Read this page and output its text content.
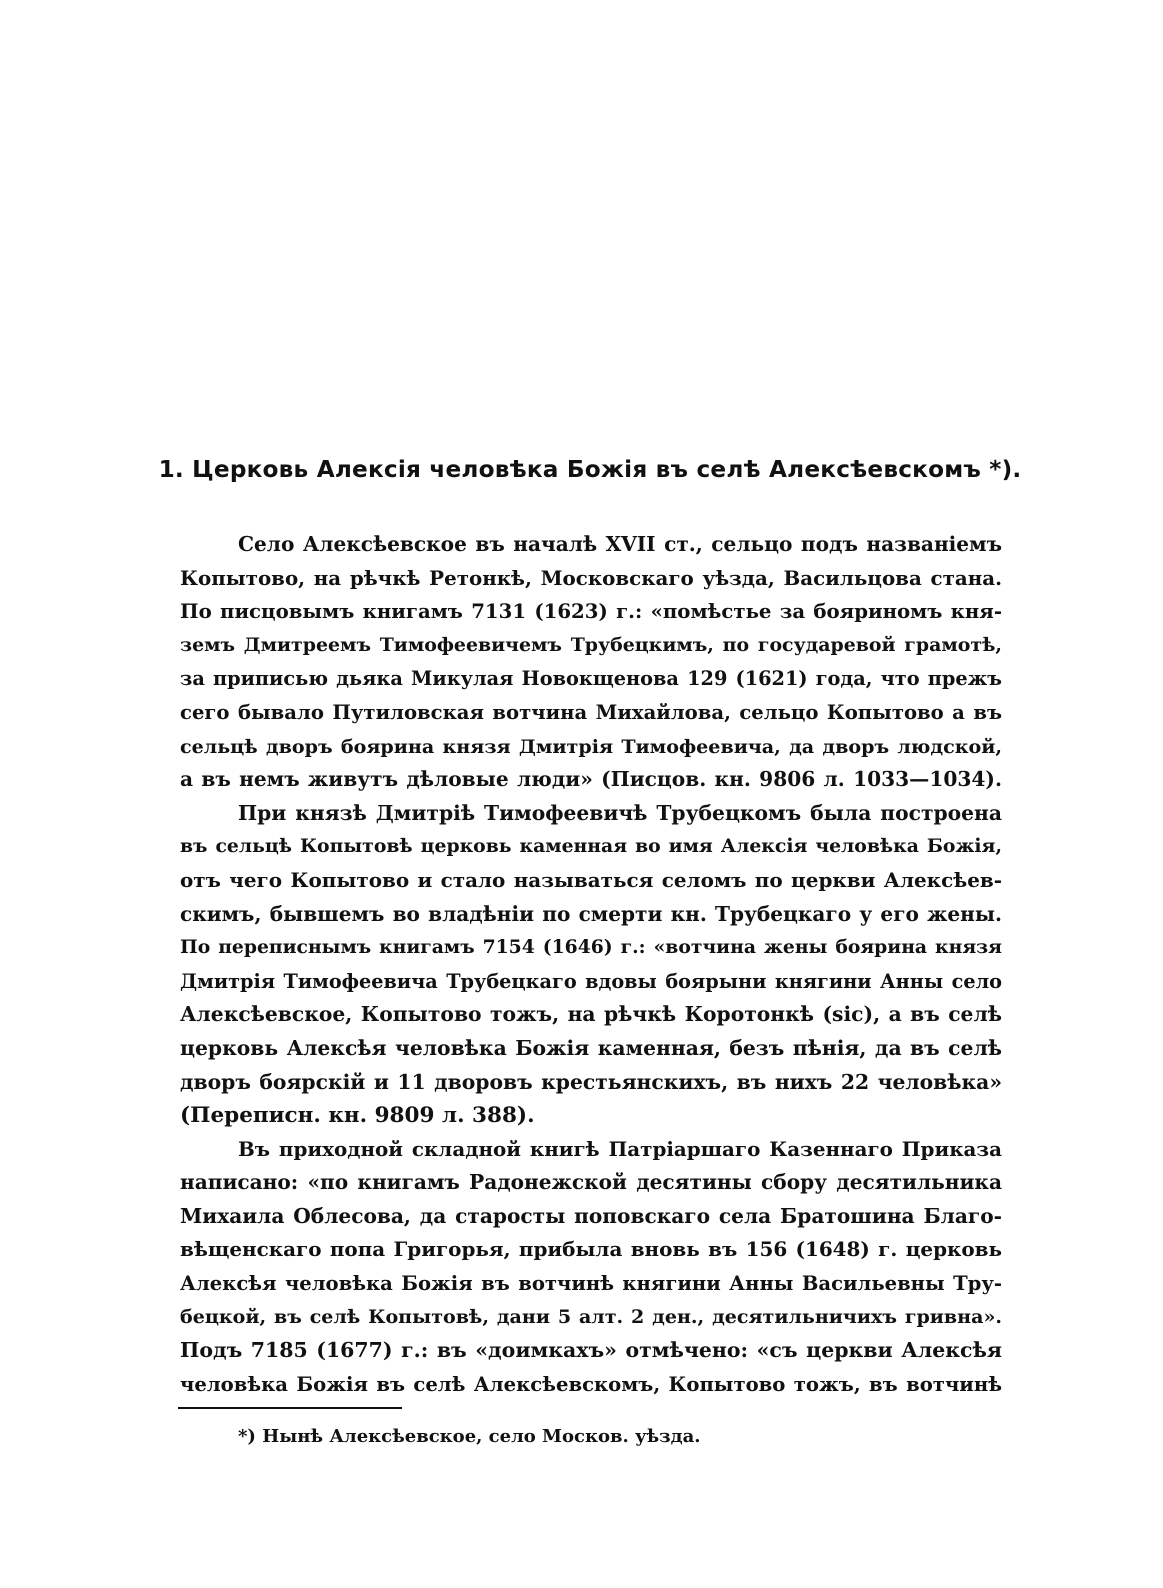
1. Церковь Алексія человѣка Божія въ селѣ Алексѣевскомъ *).
Село Алексѣевское въ началѣ XVII ст., сельцо подъ названіемъ
Копытово, на рѣчкѣ Ретонкѣ, Московскаго уѣзда, Васильцова стана.
По писцовымъ книгамъ 7131 (1623) г.: «помѣстье за бояриномъ кня-
земъ Дмитреемъ Тимофеевичемъ Трубецкимъ, по государевой грамотѣ,
за приписью дьяка Микулая Новокщенова 129 (1621) года, что прежъ
сего бывало Путиловская вотчина Михайлова, сельцо Копытово а въ
сельцѣ дворъ боярина князя Дмитрія Тимофеевича, да дворъ людской,
а въ немъ живутъ дѣловые люди» (Писцов. кн. 9806 л. 1033—1034).
При князѣ Дмитріѣ Тимофеевичѣ Трубецкомъ была построена
въ сельцѣ Копытовѣ церковь каменная во имя Алексія человѣка Божія,
отъ чего Копытово и стало называться селомъ по церкви Алексѣев-
скимъ, бывшемъ во владѣніи по смерти кн. Трубецкаго у его жены.
По переписнымъ книгамъ 7154 (1646) г.: «вотчина жены боярина князя
Дмитрія Тимофеевича Трубецкаго вдовы боярыни княгини Анны село
Алексѣевское, Копытово тожъ, на рѣчкѣ Коротонкѣ (sic), а въ селѣ
церковь Алексѣя человѣка Божія каменная, безъ пѣнія, да въ селѣ
дворъ боярскій и 11 дворовъ крестьянскихъ, въ нихъ 22 человѣка»
(Переписн. кн. 9809 л. 388).
Въ приходной складной книгѣ Патріаршаго Казеннаго Приказа
написано: «по книгамъ Радонежской десятины сбору десятильника
Михаила Облесова, да старосты поповскаго села Братошина Благо-
вѣщенскаго попа Григорья, прибыла вновь въ 156 (1648) г. церковь
Алексѣя человѣка Божія въ вотчинѣ княгини Анны Васильевны Тру-
бецкой, въ селѣ Копытовѣ, дани 5 алт. 2 ден., десятильничихъ гривна».
Подъ 7185 (1677) г.: въ «доимкахъ» отмѣчено: «съ церкви Алексѣя
человѣка Божія въ селѣ Алексѣевскомъ, Копытово тожъ, въ вотчинѣ
*) Нынѣ Алексѣевское, село Москов. уѣзда.
